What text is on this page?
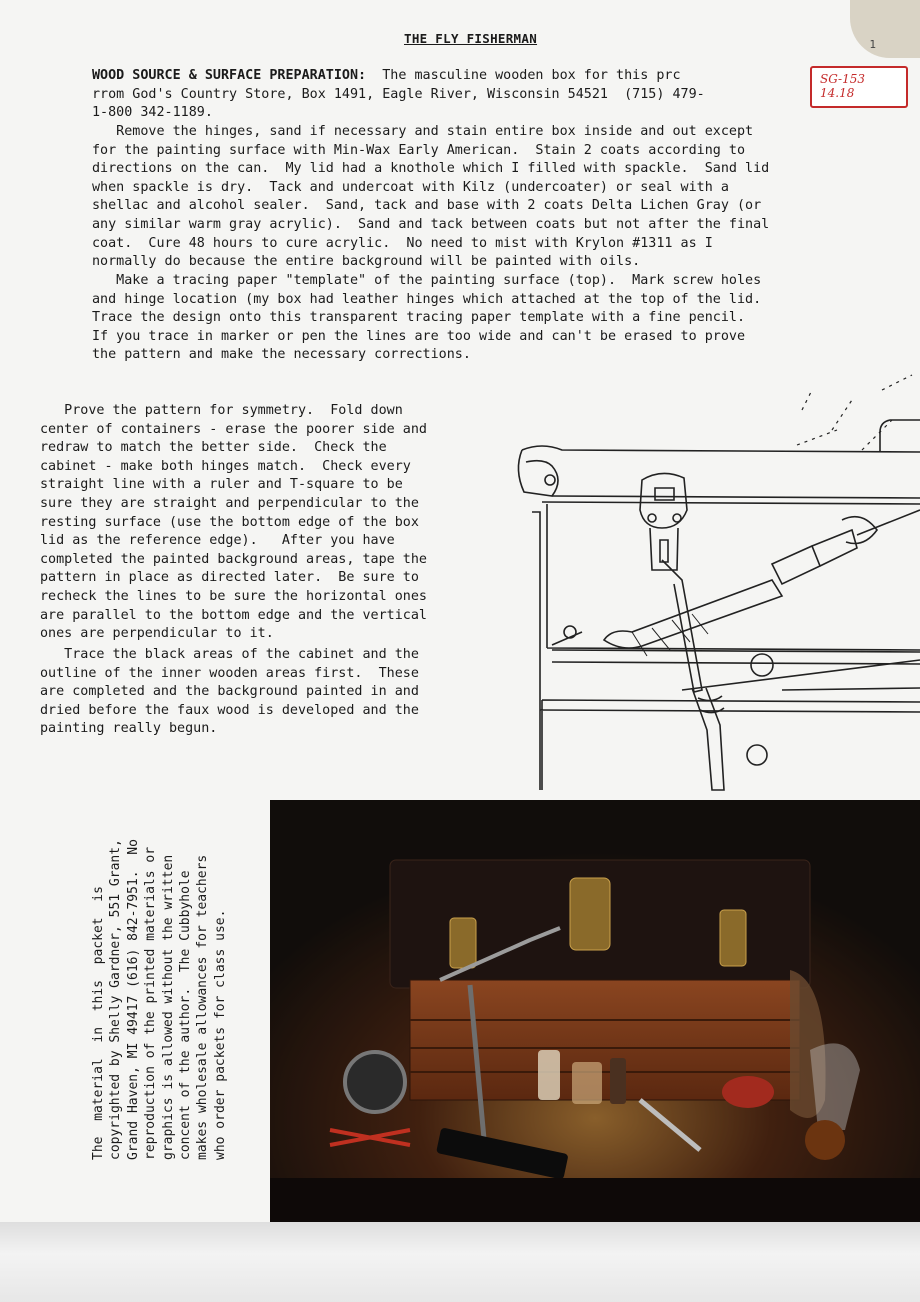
1
THE FLY FISHERMAN

WOOD SOURCE & SURFACE PREPARATION:  The masculine wooden box for this prc
rrom God's Country Store, Box 1491, Eagle River, Wisconsin 54521  (715) 479-
1-800 342-1189.

SG-153
14.18

Remove the hinges, sand if necessary and stain entire box inside and out except
for the painting surface with Min-Wax Early American.  Stain 2 coats according to
directions on the can.  My lid had a knothole which I filled with spackle.  Sand lid
when spackle is dry.  Tack and undercoat with Kilz (undercoater) or seal with a
shellac and alcohol sealer.  Sand, tack and base with 2 coats Delta Lichen Gray (or
any similar warm gray acrylic).  Sand and tack between coats but not after the final
coat.  Cure 48 hours to cure acrylic.  No need to mist with Krylon #1311 as I
normally do because the entire background will be painted with oils.

Make a tracing paper "template" of the painting surface (top).  Mark screw holes
and hinge location (my box had leather hinges which attached at the top of the lid.
Trace the design onto this transparent tracing paper template with a fine pencil.
If you trace in marker or pen the lines are too wide and can't be erased to prove
the pattern and make the necessary corrections.

Prove the pattern for symmetry.  Fold down
center of containers - erase the poorer side and
redraw to match the better side.  Check the
cabinet - make both hinges match.  Check every
straight line with a ruler and T-square to be
sure they are straight and perpendicular to the
resting surface (use the bottom edge of the box
lid as the reference edge).   After you have
completed the painted background areas, tape the
pattern in place as directed later.  Be sure to
recheck the lines to be sure the horizontal ones
are parallel to the bottom edge and the vertical
ones are perpendicular to it.

Trace the black areas of the cabinet and the
outline of the inner wooden areas first.  These
are completed and the background painted in and
dried before the faux wood is developed and the
painting really begun.

The  material  in  this  packet  is
copyrighted by Shelly Gardner, 551 Grant,
Grand Haven, MI 49417 (616) 842-7951.  No
reproduction of the printed materials or
graphics is allowed without the written
concent of the author.  The Cubbyhole
makes wholesale allowances for teachers
who order packets for class use.
